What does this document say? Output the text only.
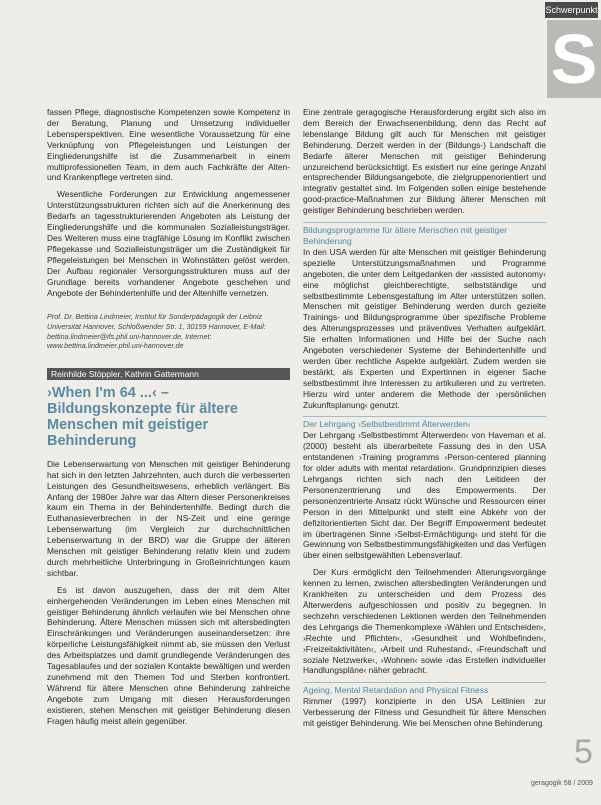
Schwerpunkt
S

fassen Pflege, diagnostische Kompetenzen sowie Kompetenz in der Beratung, Planung und Umsetzung individueller Lebensperspektiven. Eine wesentliche Voraussetzung für eine Verknüpfung von Pflegeleistungen und Leistungen der Eingliederungshilfe ist die Zusammenarbeit in einem multiprofessionellen Team, in dem auch Fachkräfte der Alten- und Krankenpflege vertreten sind.

Wesentliche Forderungen zur Entwicklung angemessener Unterstützungsstrukturen richten sich auf die Anerkennung des Bedarfs an tagesstrukturierenden Angeboten als Leistung der Eingliederungshilfe und die kommunalen Sozialleistungsträger. Des Weiteren muss eine tragfähige Lösung im Konflikt zwischen Pflegekasse und Sozialleistungsträger um die Zuständigkeit für Pflegeleistungen bei Menschen in Wohnstätten gelöst werden. Der Aufbau regionaler Versorgungsstrukturen muss auf der Grundlage bereits vorhandener Angebote geschehen und Angebote der Behindertenhilfe und der Altenhilfe vernetzen.

Prof. Dr. Bettina Lindmeier, Institut für Sonderpädagogik der Leibniz Universität Hannover, Schloßwender Str. 1, 30159 Hannover, E-Mail: bettina.lindmeier@ifs.phil.uni-hannover.de, Internet: www.bettina.lindmeier.phil.uni-hannover.de

Reinhilde Stöppler, Kathrin Gattermann
›When I'm 64 ...‹ – Bildungskonzepte für ältere Menschen mit geistiger Behinderung

Die Lebenserwartung von Menschen mit geistiger Behinderung hat sich in den letzten Jahrzehnten, auch durch die verbesserten Leistungen des Gesundheitswesens, erheblich verlängert. Bis Anfang der 1980er Jahre war das Altern dieser Personenkreises kaum ein Thema in der Behindertenhilfe. Bedingt durch die Euthanasieverbrechen in der NS-Zeit und eine geringe Lebenserwartung (im Vergleich zur durchschnittlichen Lebenserwartung in der BRD) war die Gruppe der älteren Menschen mit geistiger Behinderung relativ klein und zudem durch mehrheitliche Unterbringung in Großeinrichtungen kaum sichtbar.

Es ist davon auszugehen, dass der mit dem Alter einhergehenden Veränderungen im Leben eines Menschen mit geistiger Behinderung ähnlich verlaufen wie bei Menschen ohne Behinderung. Ältere Menschen müssen sich mit altersbedingten Einschränkungen und Veränderungen auseinandersetzen: ihre körperliche Leistungsfähigkeit nimmt ab, sie müssen den Verlust des Arbeitsplatzes und damit grundlegende Veränderungen des Tagesablaufes und der sozialen Kontakte bewältigen und werden zunehmend mit den Themen Tod und Sterben konfrontiert. Während für ältere Menschen ohne Behinderung zahlreiche Angebote zum Umgang mit diesen Herausforderungen existieren, stehen Menschen mit geistiger Behinderung diesen Fragen häufig meist allein gegenüber.

Eine zentrale geragogische Herausforderung ergibt sich also im dem Bereich der Erwachsenenbildung, denn das Recht auf lebenslange Bildung gilt auch für Menschen mit geistiger Behinderung. Derzeit werden in der (Bildungs-) Landschaft die Bedarfe älterer Menschen mit geistiger Behinderung unzureichend berücksichtigt. Es existiert nur eine geringe Anzahl entsprechender Bildungsangebote, die zielgruppenorientiert und integrativ gestaltet sind. Im Folgenden sollen einige bestehende good-practice-Maßnahmen zur Bildung älterer Menschen mit geistiger Behinderung beschrieben werden.

Bildungsprogramme für ältere Menschen mit geistiger Behinderung

In den USA werden für alte Menschen mit geistiger Behinderung spezielle Unterstützungsmaßnahmen und Programme angeboten, die unter dem Leitgedanken der ›assisted autonomy‹ eine möglichst gleichberechtigte, selbstständige und selbstbestimmte Lebensgestaltung im Alter unterstützen sollen. Menschen mit geistiger Behinderung werden durch gezielte Trainings- und Bildungsprogramme über spezifische Probleme des Alterungsprozesses und präventives Verhalten aufgeklärt. Sie erhalten Informationen und Hilfe bei der Suche nach Angeboten verschiedener Systeme der Behindertenhilfe und werden über rechtliche Aspekte aufgeklärt. Zudem werden sie bestärkt, als Experten und Expertinnen in eigener Sache selbstbestimmt ihre Interessen zu artikulieren und zu vertreten. Hierzu wird unter anderem die Methode der ›persönlichen Zukunftsplanung‹ genutzt.

Der Lehrgang ›Selbstbestimmt Älterwerden‹

Der Lehrgang ›Selbstbestimmt Älterwerden‹ von Haveman et al. (2000) besteht als überarbeitete Fassung des in den USA entstandenen ›Training programms ›Person-centered planning for older adults with mental retardation‹. Grundprinzipien dieses Lehrgangs richten sich nach den Leitideen der Personenzentrierung und des Empowerments. Der personenzentrierte Ansatz rückt Wünsche und Ressourcen einer Person in den Mittelpunkt und stellt eine Abkehr von der defizitorientierten Sicht dar. Der Begriff Empowerment bedeutet im übertragenen Sinne ›Selbst-Ermächtigung‹ und steht für die Gewinnung von Selbstbestimmungsfähigkeiten und das Verfügen über einen selbstgewählten Lebensverlauf.

Der Kurs ermöglicht den Teilnehmenden Alterungsvorgänge kennen zu lernen, zwischen altersbedingten Veränderungen und Krankheiten zu unterscheiden und dem Prozess des Älterwerdens aufgeschlossen und positiv zu begegnen. In sechzehn verschiedenen Lektionen werden den Teilnehmenden des Lehrgangs die Themenkomplexe ›Wählen und Entscheiden‹, ›Rechte und Pflichten‹, ›Gesundheit und Wohlbefinden‹, ›Freizeitaktivitäten‹, ›Arbeit und Ruhestand‹, ›Freundschaft und soziale Netzwerke‹, ›Wohnen‹ sowie ›das Erstellen individueller Handlungspläne‹ näher gebracht.

Ageing, Mental Retardation and Physical Fitness

Rimmer (1997) konzipierte in den USA Leitlinien zur Verbesserung der Fitness und Gesundheit für ältere Menschen mit geistiger Behinderung. Wie bei Menschen ohne Behinderung

5
geragogik 58 / 2009
